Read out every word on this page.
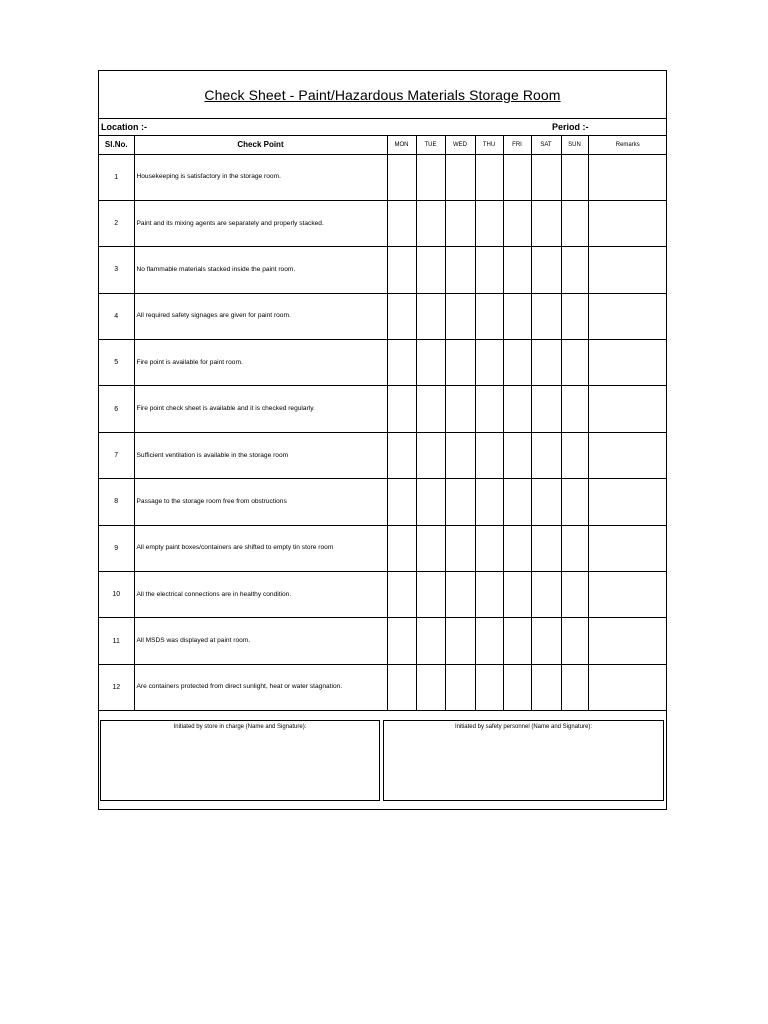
Check Sheet - Paint/Hazardous Materials Storage Room
Location :-	Period :-
Sl.No.	Check Point	MON	TUE	WED	THU	FRI	SAT	SUN	Remarks
1	Housekeeping is satisfactory in the storage room.								
2	Paint and its mixing agents are separately and properly stacked.								
3	No flammable materials stacked inside the paint room.								
4	All required safety signages are given for paint room.								
5	Fire point is available for paint room.								
6	Fire point check sheet is available and it is checked regularly.								
7	Sufficient ventilation is available in the storage room								
8	Passage to the storage room free from obstructions								
9	All empty paint boxes/containers are shifted to empty tin store room								
10	All the electrical connections are in healthy condition.								
11	All MSDS was displayed at paint room.								
12	Are containers protected from direct sunlight, heat or water stagnation.								
Initiated by store in charge (Name and Signature):	Initiated by safety personnel (Name and Signature):
